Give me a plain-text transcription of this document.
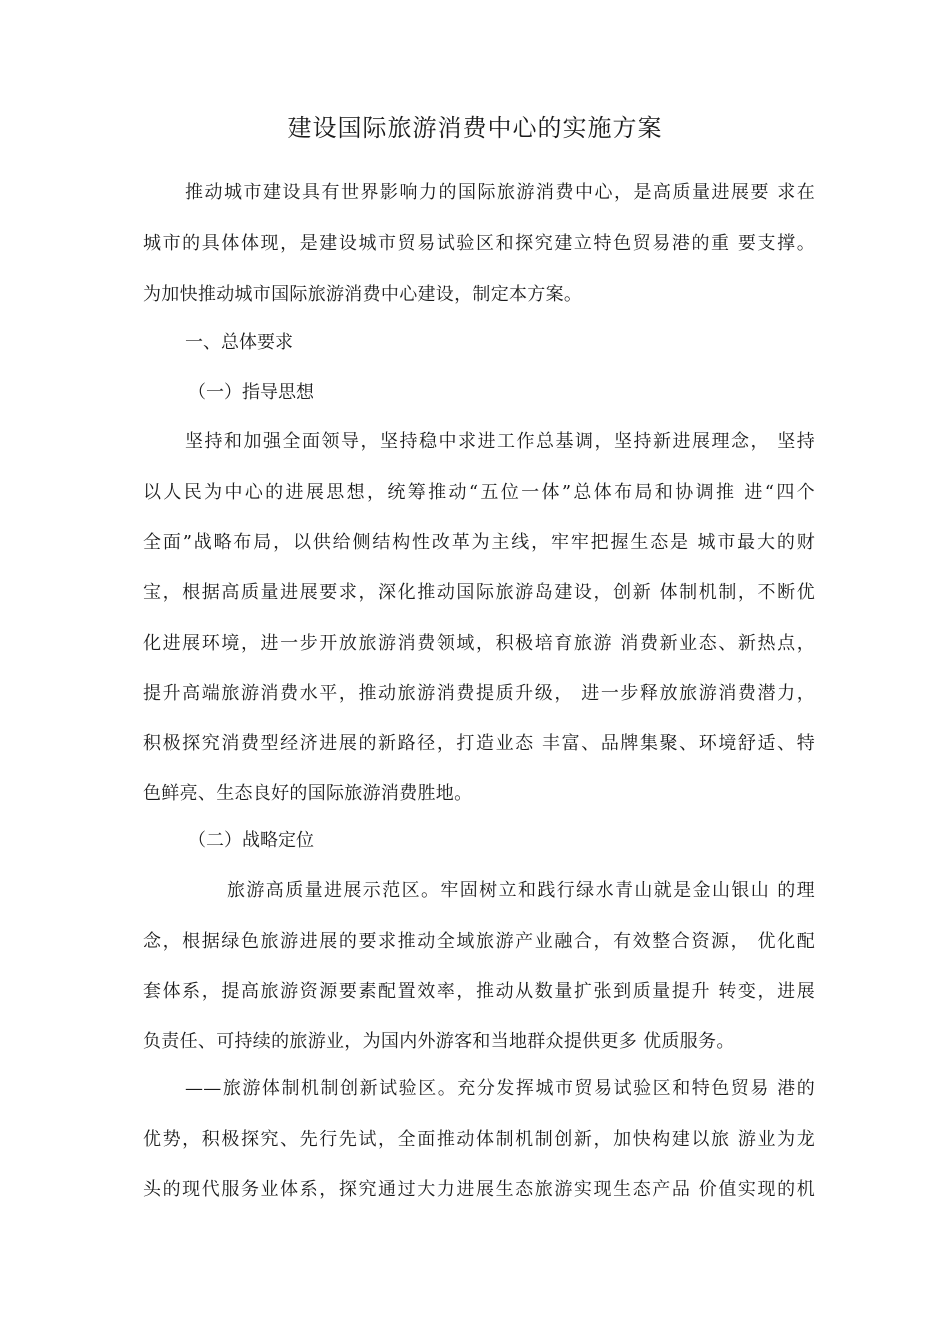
建设国际旅游消费中心的实施方案
推动城市建设具有世界影响力的国际旅游消费中心，是高质量进展要 求在
城市的具体体现，是建设城市贸易试验区和探究建立特色贸易港的重 要支撑。
为加快推动城市国际旅游消费中心建设，制定本方案。
一、总体要求
（一）指导思想
坚持和加强全面领导，坚持稳中求进工作总基调，坚持新进展理念， 坚持
以人民为中心的进展思想，统筹推动“五位一体”总体布局和协调推 进“四个
全面”战略布局，以供给侧结构性改革为主线，牢牢把握生态是 城市最大的财
宝，根据高质量进展要求，深化推动国际旅游岛建设，创新 体制机制，不断优
化进展环境，进一步开放旅游消费领域，积极培育旅游 消费新业态、新热点，
提升高端旅游消费水平，推动旅游消费提质升级， 进一步释放旅游消费潜力，
积极探究消费型经济进展的新路径，打造业态 丰富、品牌集聚、环境舒适、特
色鲜亮、生态良好的国际旅游消费胜地。
（二）战略定位
旅游高质量进展示范区。牢固树立和践行绿水青山就是金山银山 的理
念，根据绿色旅游进展的要求推动全域旅游产业融合，有效整合资源， 优化配
套体系，提高旅游资源要素配置效率，推动从数量扩张到质量提升 转变，进展
负责任、可持续的旅游业，为国内外游客和当地群众提供更多 优质服务。
——旅游体制机制创新试验区。充分发挥城市贸易试验区和特色贸易 港的
优势，积极探究、先行先试，全面推动体制机制创新，加快构建以旅 游业为龙
头的现代服务业体系，探究通过大力进展生态旅游实现生态产品 价值实现的机
